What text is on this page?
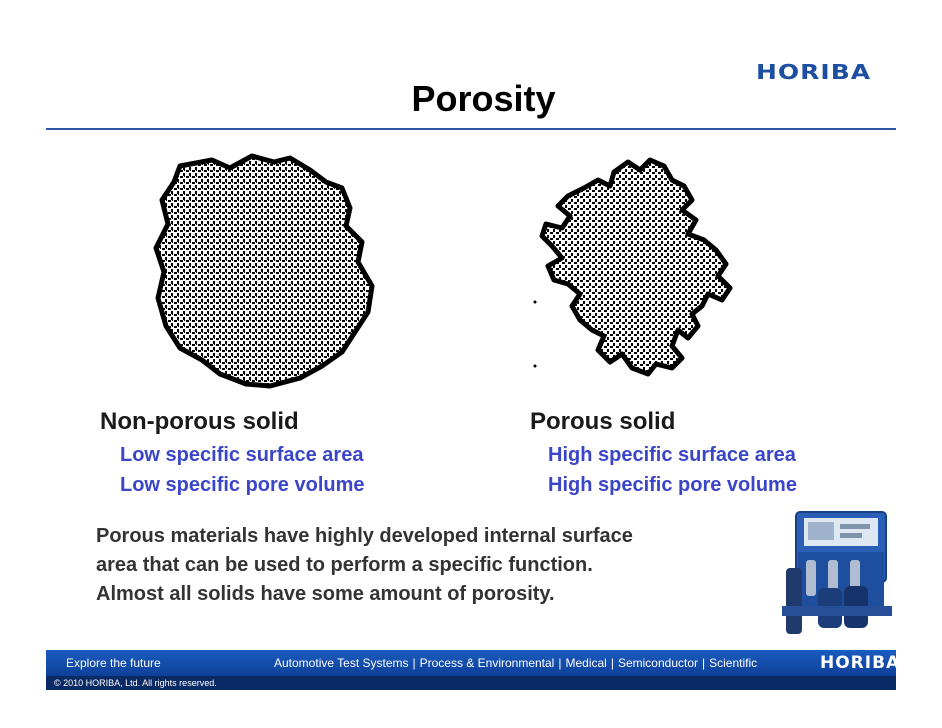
HORIBA
Porosity
Non-porous solid
Low specific surface area
Low specific pore volume
Porous solid
High specific surface area
High specific pore volume
Porous materials have highly developed internal surface
area that can be used to perform a specific function.
Almost all solids have some amount of porosity.
Explore the future	Automotive Test Systems | Process & Environmental | Medical | Semiconductor | Scientific	HORIBA
© 2010 HORIBA, Ltd. All rights reserved.
